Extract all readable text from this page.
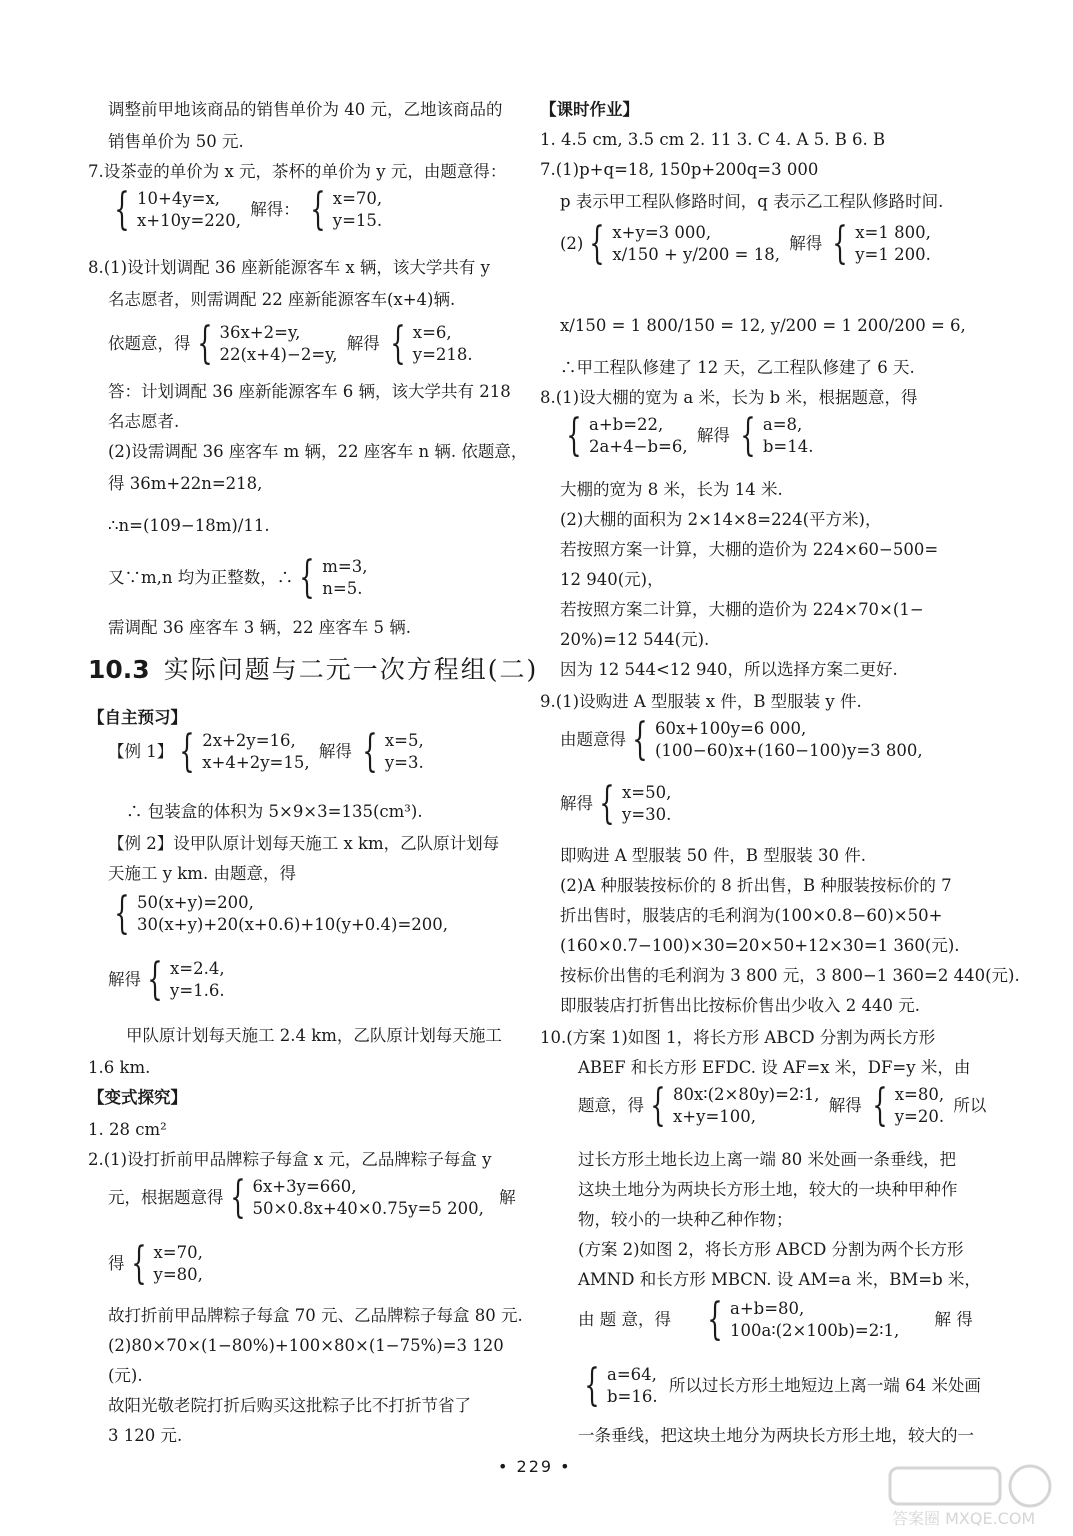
调整前甲地该商品的销售单价为 40 元，乙地该商品的
销售单价为 50 元.
7.设茶壶的单价为 x 元，茶杯的单价为 y 元，由题意得：
{ 10+4y=x,
x+10y=220,
解得： { x=70,
y=15.
8.(1)设计划调配 36 座新能源客车 x 辆，该大学共有 y
名志愿者，则需调配 22 座新能源客车(x+4)辆.
依题意，得 { 36x+2=y,
22(x+4)−2=y,
解得 { x=6,
y=218.
答：计划调配 36 座新能源客车 6 辆，该大学共有 218
名志愿者.
(2)设需调配 36 座客车 m 辆，22 座客车 n 辆. 依题意，
得 36m+22n=218,
∴n=(109−18m)/11.
又∵m,n 均为正整数，∴ { m=3,
n=5.
需调配 36 座客车 3 辆，22 座客车 5 辆.
10.3 实际问题与二元一次方程组(二)
【自主预习】
【例 1】 { 2x+2y=16,
x+4+2y=15,
解得 { x=5,
y=3.
∴ 包装盒的体积为 5×9×3=135(cm³).
【例 2】设甲队原计划每天施工 x km，乙队原计划每
天施工 y km. 由题意，得
{ 50(x+y)=200,
30(x+y)+20(x+0.6)+10(y+0.4)=200,
解得 { x=2.4,
y=1.6.
甲队原计划每天施工 2.4 km，乙队原计划每天施工
1.6 km.
【变式探究】
1. 28 cm²
2.(1)设打折前甲品牌粽子每盒 x 元，乙品牌粽子每盒 y
元，根据题意得 { 6x+3y=660,
50×0.8x+40×0.75y=5 200,
解
得 { x=70,
y=80,
故打折前甲品牌粽子每盒 70 元、乙品牌粽子每盒 80 元.
(2)80×70×(1−80%)+100×80×(1−75%)=3 120
(元).
故阳光敬老院打折后购买这批粽子比不打折节省了
3 120 元.
【课时作业】
1. 4.5 cm, 3.5 cm 2. 11 3. C 4. A 5. B 6. B
7.(1)p+q=18, 150p+200q=3 000
p 表示甲工程队修路时间，q 表示乙工程队修路时间.
(2) { x+y=3 000,
x/150 + y/200 = 18,
解得 { x=1 800,
y=1 200.
x/150 = 1 800/150 = 12, y/200 = 1 200/200 = 6,
∴甲工程队修建了 12 天，乙工程队修建了 6 天.
8.(1)设大棚的宽为 a 米，长为 b 米，根据题意，得
{ a+b=22,
2a+4−b=6,
解得 { a=8,
b=14.
大棚的宽为 8 米，长为 14 米.
(2)大棚的面积为 2×14×8=224(平方米)，
若按照方案一计算，大棚的造价为 224×60−500=
12 940(元)，
若按照方案二计算，大棚的造价为 224×70×(1−
20%)=12 544(元).
因为 12 544<12 940，所以选择方案二更好.
9.(1)设购进 A 型服装 x 件，B 型服装 y 件.
由题意得 { 60x+100y=6 000,
(100−60)x+(160−100)y=3 800,
解得 { x=50,
y=30.
即购进 A 型服装 50 件，B 型服装 30 件.
(2)A 种服装按标价的 8 折出售，B 种服装按标价的 7
折出售时，服装店的毛利润为(100×0.8−60)×50+
(160×0.7−100)×30=20×50+12×30=1 360(元).
按标价出售的毛利润为 3 800 元，3 800−1 360=2 440(元).
即服装店打折售出比按标价售出少收入 2 440 元.
10.(方案 1)如图 1，将长方形 ABCD 分割为两长方形
ABEF 和长方形 EFDC. 设 AF=x 米，DF=y 米，由
题意，得 { 80x∶(2×80y)=2∶1,
x+y=100,
解得 { x=80,
y=20.
所以
过长方形土地长边上离一端 80 米处画一条垂线，把
这块土地分为两块长方形土地，较大的一块种甲种作
物，较小的一块种乙种作物；
(方案 2)如图 2，将长方形 ABCD 分割为两个长方形
AMND 和长方形 MBCN. 设 AM=a 米，BM=b 米，
由 题 意，得 { a+b=80,
100a∶(2×100b)=2∶1,
解 得
{ a=64,
b=16.
所以过长方形土地短边上离一端 64 米处画
一条垂线，把这块土地分为两块长方形土地，较大的一
• 229 •
答案圈 MXQE.COM
